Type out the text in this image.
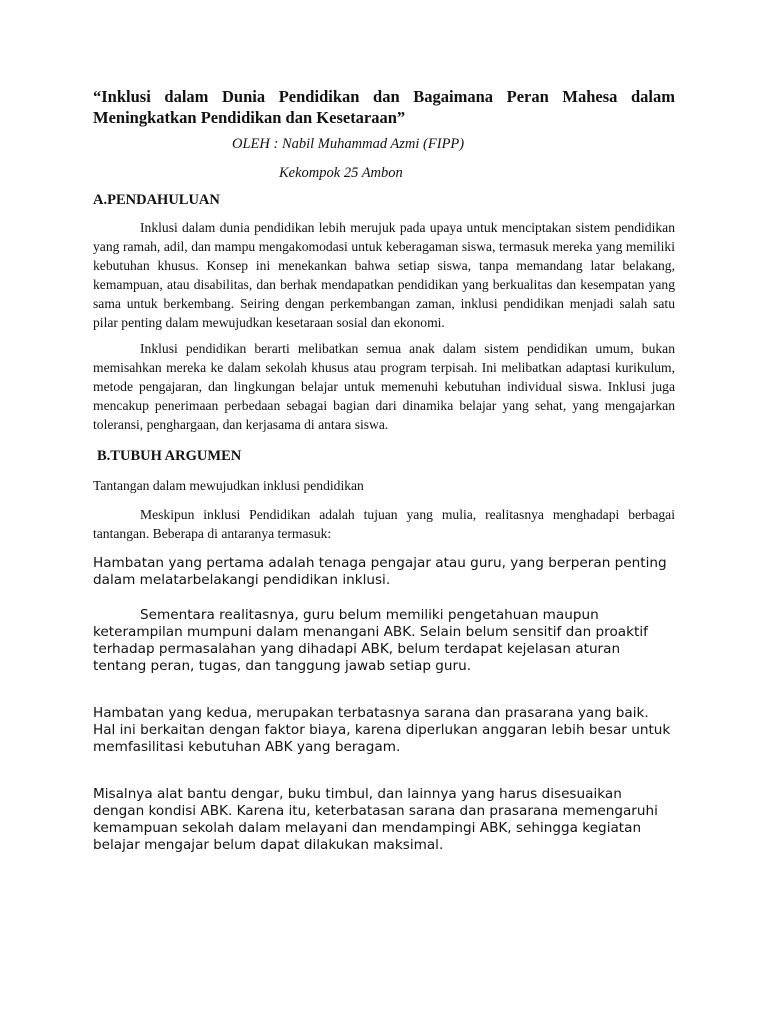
“Inklusi dalam Dunia Pendidikan dan Bagaimana Peran Mahesa dalam Meningkatkan Pendidikan dan Kesetaraan”

OLEH : Nabil Muhammad Azmi (FIPP)

Kekompok 25 Ambon

A.PENDAHULUAN

Inklusi dalam dunia pendidikan lebih merujuk pada upaya untuk menciptakan sistem pendidikan yang ramah, adil, dan mampu mengakomodasi untuk keberagaman siswa, termasuk mereka yang memiliki kebutuhan khusus. Konsep ini menekankan bahwa setiap siswa, tanpa memandang latar belakang, kemampuan, atau disabilitas, dan berhak mendapatkan pendidikan yang berkualitas dan kesempatan yang sama untuk berkembang. Seiring dengan perkembangan zaman, inklusi pendidikan menjadi salah satu pilar penting dalam mewujudkan kesetaraan sosial dan ekonomi.

Inklusi pendidikan berarti melibatkan semua anak dalam sistem pendidikan umum, bukan memisahkan mereka ke dalam sekolah khusus atau program terpisah. Ini melibatkan adaptasi kurikulum, metode pengajaran, dan lingkungan belajar untuk memenuhi kebutuhan individual siswa. Inklusi juga mencakup penerimaan perbedaan sebagai bagian dari dinamika belajar yang sehat, yang mengajarkan toleransi, penghargaan, dan kerjasama di antara siswa.

B.TUBUH ARGUMEN

Tantangan dalam mewujudkan inklusi pendidikan

Meskipun inklusi Pendidikan adalah tujuan yang mulia, realitasnya menghadapi berbagai tantangan. Beberapa di antaranya termasuk:

Hambatan yang pertama adalah tenaga pengajar atau guru, yang berperan penting dalam melatarbelakangi pendidikan inklusi.

Sementara realitasnya, guru belum memiliki pengetahuan maupun keterampilan mumpuni dalam menangani ABK. Selain belum sensitif dan proaktif terhadap permasalahan yang dihadapi ABK, belum terdapat kejelasan aturan tentang peran, tugas, dan tanggung jawab setiap guru.

Hambatan yang kedua, merupakan terbatasnya sarana dan prasarana yang baik. Hal ini berkaitan dengan faktor biaya, karena diperlukan anggaran lebih besar untuk memfasilitasi kebutuhan ABK yang beragam.

Misalnya alat bantu dengar, buku timbul, dan lainnya yang harus disesuaikan dengan kondisi ABK. Karena itu, keterbatasan sarana dan prasarana memengaruhi kemampuan sekolah dalam melayani dan mendampingi ABK, sehingga kegiatan belajar mengajar belum dapat dilakukan maksimal.
